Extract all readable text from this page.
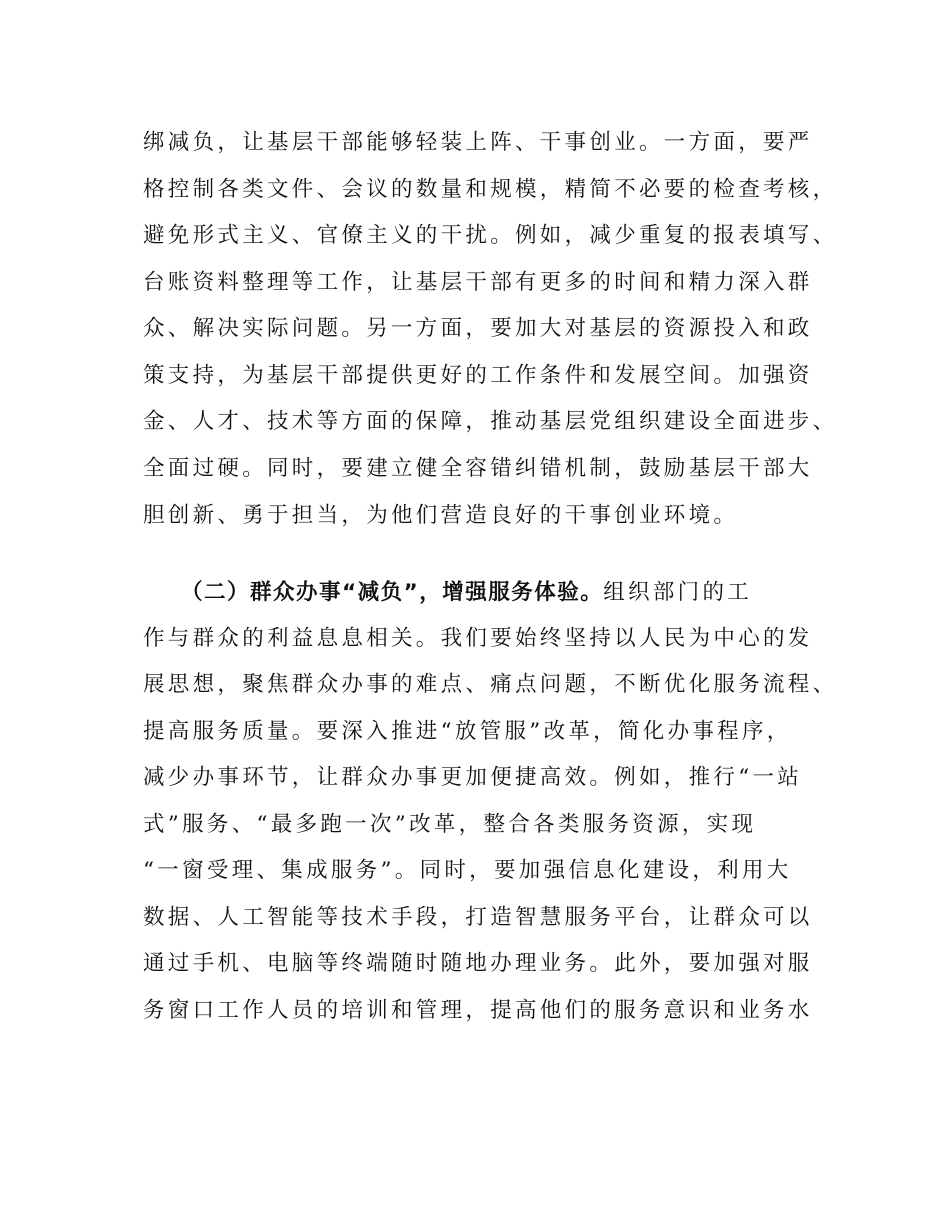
绑减负，让基层干部能够轻装上阵、干事创业。一方面，要严
格控制各类文件、会议的数量和规模，精简不必要的检查考核，
避免形式主义、官僚主义的干扰。例如，减少重复的报表填写、
台账资料整理等工作，让基层干部有更多的时间和精力深入群
众、解决实际问题。另一方面，要加大对基层的资源投入和政
策支持，为基层干部提供更好的工作条件和发展空间。加强资
金、人才、技术等方面的保障，推动基层党组织建设全面进步、
全面过硬。同时，要建立健全容错纠错机制，鼓励基层干部大
胆创新、勇于担当，为他们营造良好的干事创业环境。
（二）群众办事“减负”，增强服务体验。组织部门的工
作与群众的利益息息相关。我们要始终坚持以人民为中心的发
展思想，聚焦群众办事的难点、痛点问题，不断优化服务流程、
提高服务质量。要深入推进“放管服”改革，简化办事程序，
减少办事环节，让群众办事更加便捷高效。例如，推行“一站
式”服务、“最多跑一次”改革，整合各类服务资源，实现
“一窗受理、集成服务”。同时，要加强信息化建设，利用大
数据、人工智能等技术手段，打造智慧服务平台，让群众可以
通过手机、电脑等终端随时随地办理业务。此外，要加强对服
务窗口工作人员的培训和管理，提高他们的服务意识和业务水
